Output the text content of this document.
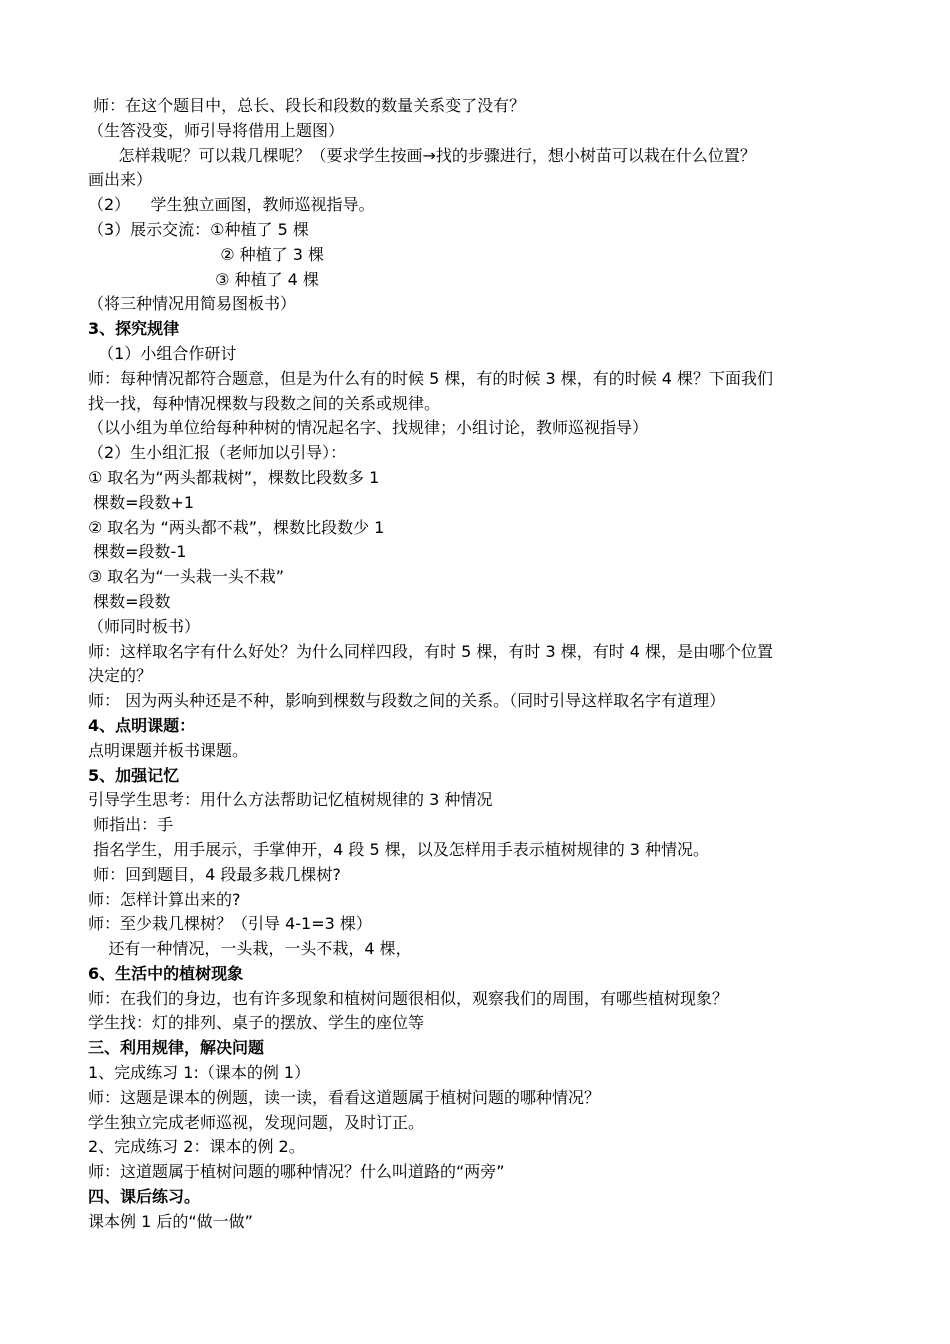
师：在这个题目中，总长、段长和段数的数量关系变了没有？
（生答没变，师引导将借用上题图）
怎样栽呢？可以栽几棵呢？（要求学生按画→找的步骤进行，想小树苗可以栽在什么位置？
画出来）
（2）    学生独立画图，教师巡视指导。
（3）展示交流：①种植了 5 棵
② 种植了 3 棵
③ 种植了 4 棵
（将三种情况用简易图板书）
3、探究规律
（1）小组合作研讨
师：每种情况都符合题意，但是为什么有的时候 5 棵，有的时候 3 棵，有的时候 4 棵？下面我们
找一找，每种情况棵数与段数之间的关系或规律。
（以小组为单位给每种种树的情况起名字、找规律；小组讨论，教师巡视指导）
（2）生小组汇报（老师加以引导）：
① 取名为“两头都栽树”，棵数比段数多 1
棵数=段数+1
② 取名为 “两头都不栽”，棵数比段数少 1
棵数=段数-1
③ 取名为“一头栽一头不栽”
棵数=段数
（师同时板书）
师：这样取名字有什么好处？为什么同样四段，有时 5 棵，有时 3 棵，有时 4 棵，是由哪个位置
决定的？
师： 因为两头种还是不种，影响到棵数与段数之间的关系。（同时引导这样取名字有道理）
4、点明课题：
点明课题并板书课题。
5、加强记忆
引导学生思考：用什么方法帮助记忆植树规律的 3 种情况
师指出：手
指名学生，用手展示，手掌伸开，4 段 5 棵，以及怎样用手表示植树规律的 3 种情况。
师：回到题目，4 段最多栽几棵树?
师：怎样计算出来的?
师：至少栽几棵树？（引导 4-1=3 棵）
还有一种情况，一头栽，一头不栽，4 棵，
6、生活中的植树现象
师：在我们的身边，也有许多现象和植树问题很相似，观察我们的周围，有哪些植树现象？
学生找：灯的排列、桌子的摆放、学生的座位等
三、利用规律，解决问题
1、完成练习 1:（课本的例 1）
师：这题是课本的例题，读一读，看看这道题属于植树问题的哪种情况？
学生独立完成老师巡视，发现问题，及时订正。
2、完成练习 2：课本的例 2。
师：这道题属于植树问题的哪种情况？什么叫道路的“两旁”
四、课后练习。
课本例 1 后的“做一做”
